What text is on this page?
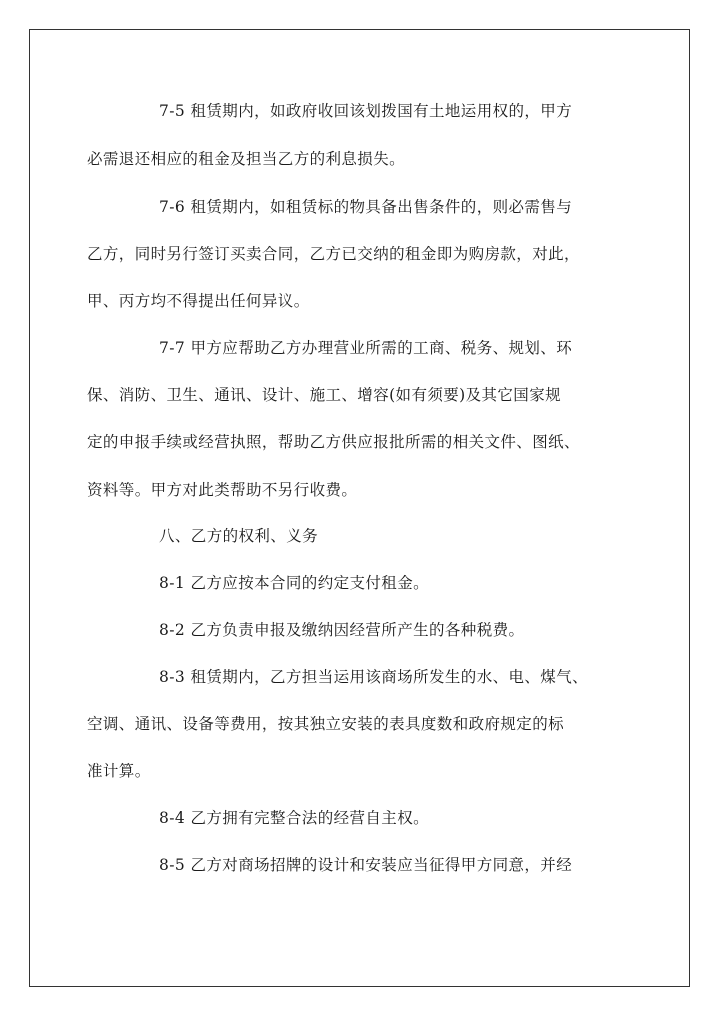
7-5 租赁期内，如政府收回该划拨国有土地运用权的，甲方
必需退还相应的租金及担当乙方的利息损失。
7-6 租赁期内，如租赁标的物具备出售条件的，则必需售与
乙方，同时另行签订买卖合同，乙方已交纳的租金即为购房款，对此，
甲、丙方均不得提出任何异议。
7-7 甲方应帮助乙方办理营业所需的工商、税务、规划、环
保、消防、卫生、通讯、设计、施工、增容(如有须要)及其它国家规
定的申报手续或经营执照，帮助乙方供应报批所需的相关文件、图纸、
资料等。甲方对此类帮助不另行收费。
八、乙方的权利、义务
8-1 乙方应按本合同的约定支付租金。
8-2 乙方负责申报及缴纳因经营所产生的各种税费。
8-3 租赁期内，乙方担当运用该商场所发生的水、电、煤气、
空调、通讯、设备等费用，按其独立安装的表具度数和政府规定的标
准计算。
8-4 乙方拥有完整合法的经营自主权。
8-5 乙方对商场招牌的设计和安装应当征得甲方同意，并经
